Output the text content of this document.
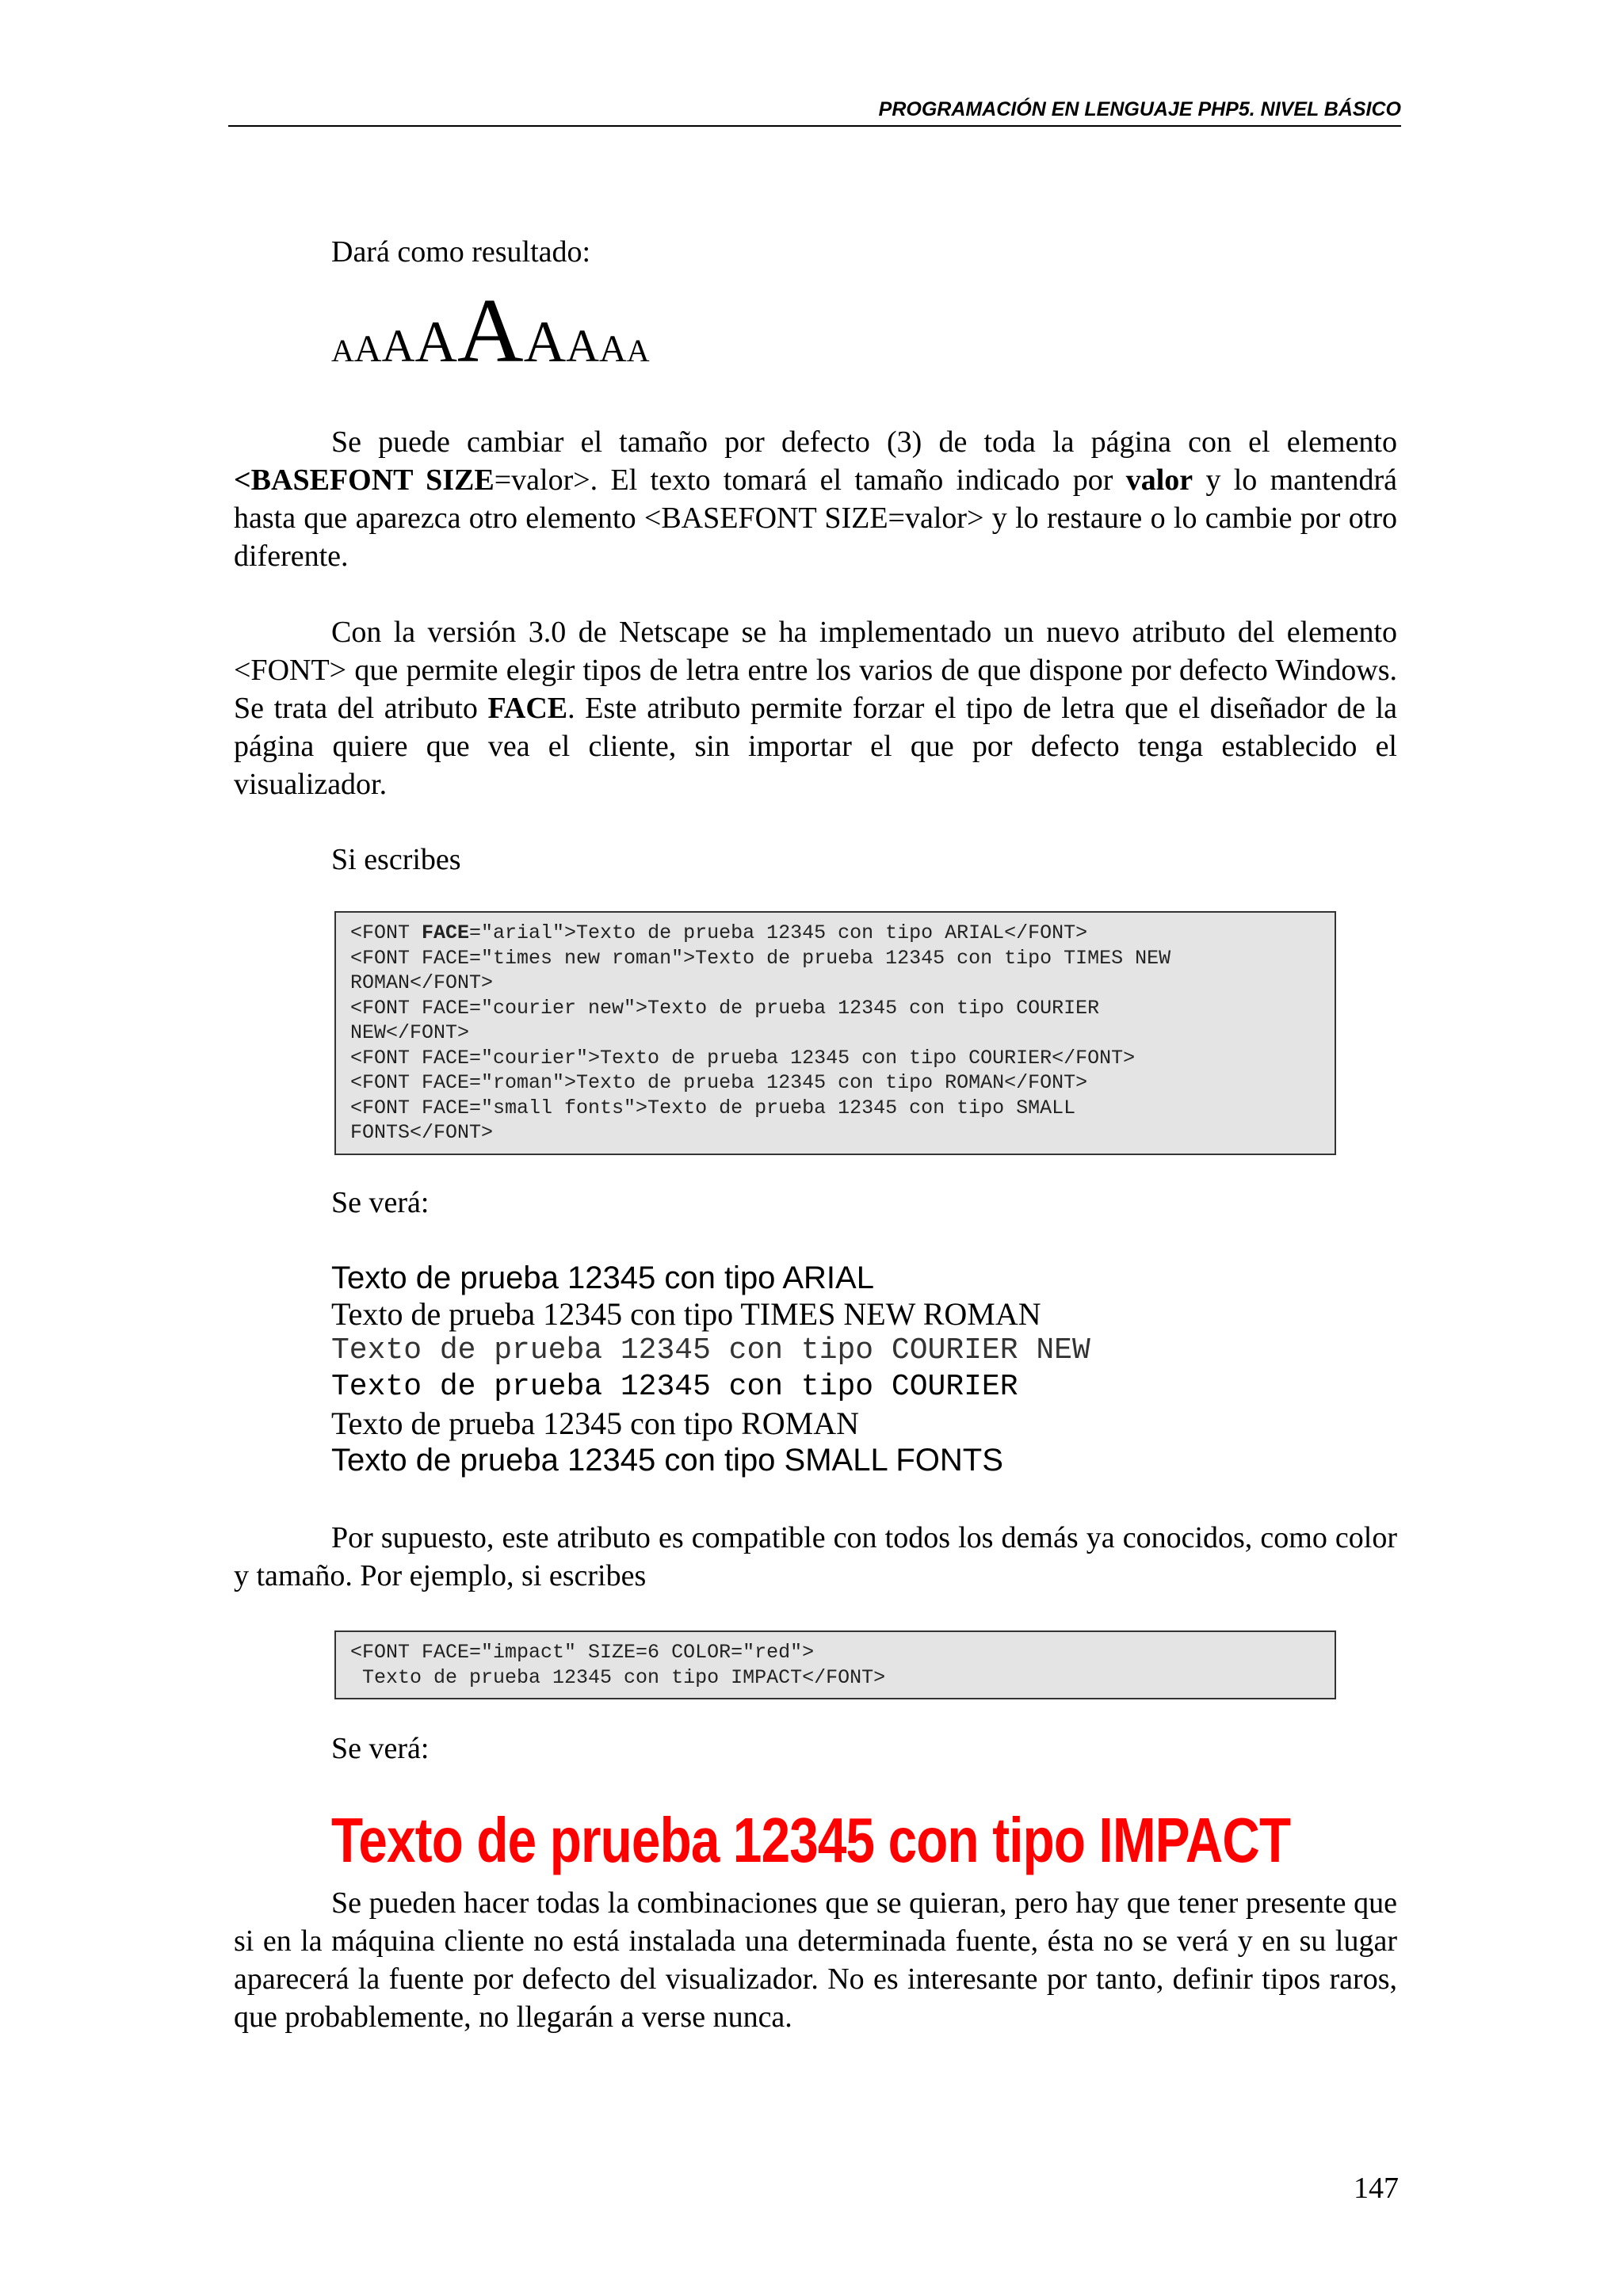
PROGRAMACIÓN EN LENGUAJE PHP5. NIVEL BÁSICO

Dará como resultado:

AAAAAAAAA

Se puede cambiar el tamaño por defecto (3) de toda la página con el elemento <BASEFONT SIZE=valor>. El texto tomará el tamaño indicado por valor y lo mantendrá hasta que aparezca otro elemento <BASEFONT SIZE=valor> y lo restaure o lo cambie por otro diferente.

Con la versión 3.0 de Netscape se ha implementado un nuevo atributo del elemento <FONT> que permite elegir tipos de letra entre los varios de que dispone por defecto Windows. Se trata del atributo FACE. Este atributo permite forzar el tipo de letra que el diseñador de la página quiere que vea el cliente, sin importar el que por defecto tenga establecido el visualizador.

Si escribes

<FONT FACE="arial">Texto de prueba 12345 con tipo ARIAL</FONT>
<FONT FACE="times new roman">Texto de prueba 12345 con tipo TIMES NEW
ROMAN</FONT>
<FONT FACE="courier new">Texto de prueba 12345 con tipo COURIER
NEW</FONT>
<FONT FACE="courier">Texto de prueba 12345 con tipo COURIER</FONT>
<FONT FACE="roman">Texto de prueba 12345 con tipo ROMAN</FONT>
<FONT FACE="small fonts">Texto de prueba 12345 con tipo SMALL
FONTS</FONT>

Se verá:

Texto de prueba 12345 con tipo ARIAL
Texto de prueba 12345 con tipo TIMES NEW ROMAN
Texto de prueba 12345 con tipo COURIER NEW
Texto de prueba 12345 con tipo COURIER
Texto de prueba 12345 con tipo ROMAN
Texto de prueba 12345 con tipo SMALL FONTS

Por supuesto, este atributo es compatible con todos los demás ya conocidos, como color y tamaño. Por ejemplo, si escribes

<FONT FACE="impact" SIZE=6 COLOR="red">
Texto de prueba 12345 con tipo IMPACT</FONT>

Se verá:

Texto de prueba 12345 con tipo IMPACT

Se pueden hacer todas la combinaciones que se quieran, pero hay que tener presente que si en la máquina cliente no está instalada una determinada fuente, ésta no se verá y en su lugar aparecerá la fuente por defecto del visualizador. No es interesante por tanto, definir tipos raros, que probablemente, no llegarán a verse nunca.

147
